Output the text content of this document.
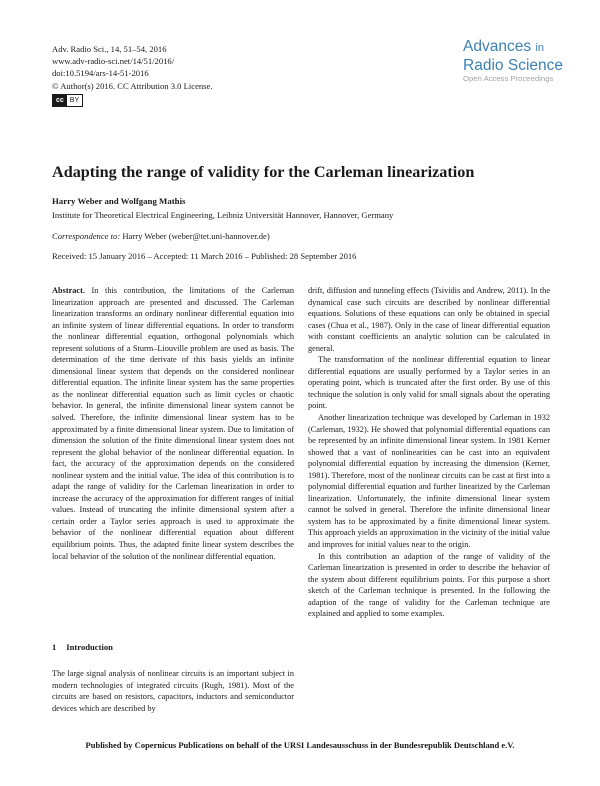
Adv. Radio Sci., 14, 51–54, 2016
www.adv-radio-sci.net/14/51/2016/
doi:10.5194/ars-14-51-2016
© Author(s) 2016. CC Attribution 3.0 License.
cc BY
Advances in
Radio Science
Open Access Proceedings
Adapting the range of validity for the Carleman linearization
Harry Weber and Wolfgang Mathis
Institute for Theoretical Electrical Engineering, Leibniz Universität Hannover, Hannover, Germany
Correspondence to: Harry Weber (weber@tet.uni-hannover.de)
Received: 15 January 2016 – Accepted: 11 March 2016 – Published: 28 September 2016

Abstract. In this contribution, the limitations of the Carleman linearization approach are presented and discussed. The Carleman linearization transforms an ordinary nonlinear differential equation into an infinite system of linear differential equations. In order to transform the nonlinear differential equation, orthogonal polynomials which represent solutions of a Sturm–Liouville problem are used as basis. The determination of the time derivate of this basis yields an infinite dimensional linear system that depends on the considered nonlinear differential equation. The infinite linear system has the same properties as the nonlinear differential equation such as limit cycles or chaotic behavior. In general, the infinite dimensional linear system cannot be solved. Therefore, the infinite dimensional linear system has to be approximated by a finite dimensional linear system. Due to limitation of dimension the solution of the finite dimensional linear system does not represent the global behavior of the nonlinear differential equation. In fact, the accuracy of the approximation depends on the considered nonlinear system and the initial value. The idea of this contribution is to adapt the range of validity for the Carleman linearization in order to increase the accuracy of the approximation for different ranges of initial values. Instead of truncating the infinite dimensional system after a certain order a Taylor series approach is used to approximate the behavior of the nonlinear differential equation about different equilibrium points. Thus, the adapted finite linear system describes the local behavior of the solution of the nonlinear differential equation.

1 Introduction

The large signal analysis of nonlinear circuits is an important subject in modern technologies of integrated circuits (Rugh, 1981). Most of the circuits are based on resistors, capacitors, inductors and semiconductor devices which are described by

drift, diffusion and tunneling effects (Tsividis and Andrew, 2011). In the dynamical case such circuits are described by nonlinear differential equations. Solutions of these equations can only be obtained in special cases (Chua et al., 1987). Only in the case of linear differential equation with constant coefficients an analytic solution can be calculated in general.

The transformation of the nonlinear differential equation to linear differential equations are usually performed by a Taylor series in an operating point, which is truncated after the first order. By use of this technique the solution is only valid for small signals about the operating point.

Another linearization technique was developed by Carleman in 1932 (Carleman, 1932). He showed that polynomial differential equations can be represented by an infinite dimensional linear system. In 1981 Kerner showed that a vast of nonlinearities can be cast into an equivalent polynomial differential equation by increasing the dimension (Kerner, 1981). Therefore, most of the nonlinear circuits can be cast at first into a polynomial differential equation and further linearized by the Carleman linearization. Unfortunately, the infinite dimensional linear system cannot be solved in general. Therefore the infinite dimensional linear system has to be approximated by a finite dimensional linear system. This approach yields an approximation in the vicinity of the initial value and improves for initial values near to the origin.

In this contribution an adaption of the range of validity of the Carleman linearization is presented in order to describe the behavior of the system about different equilibrium points. For this purpose a short sketch of the Carleman technique is presented. In the following the adaption of the range of validity for the Carleman technique are explained and applied to some examples.

Published by Copernicus Publications on behalf of the URSI Landesausschuss in der Bundesrepublik Deutschland e.V.
